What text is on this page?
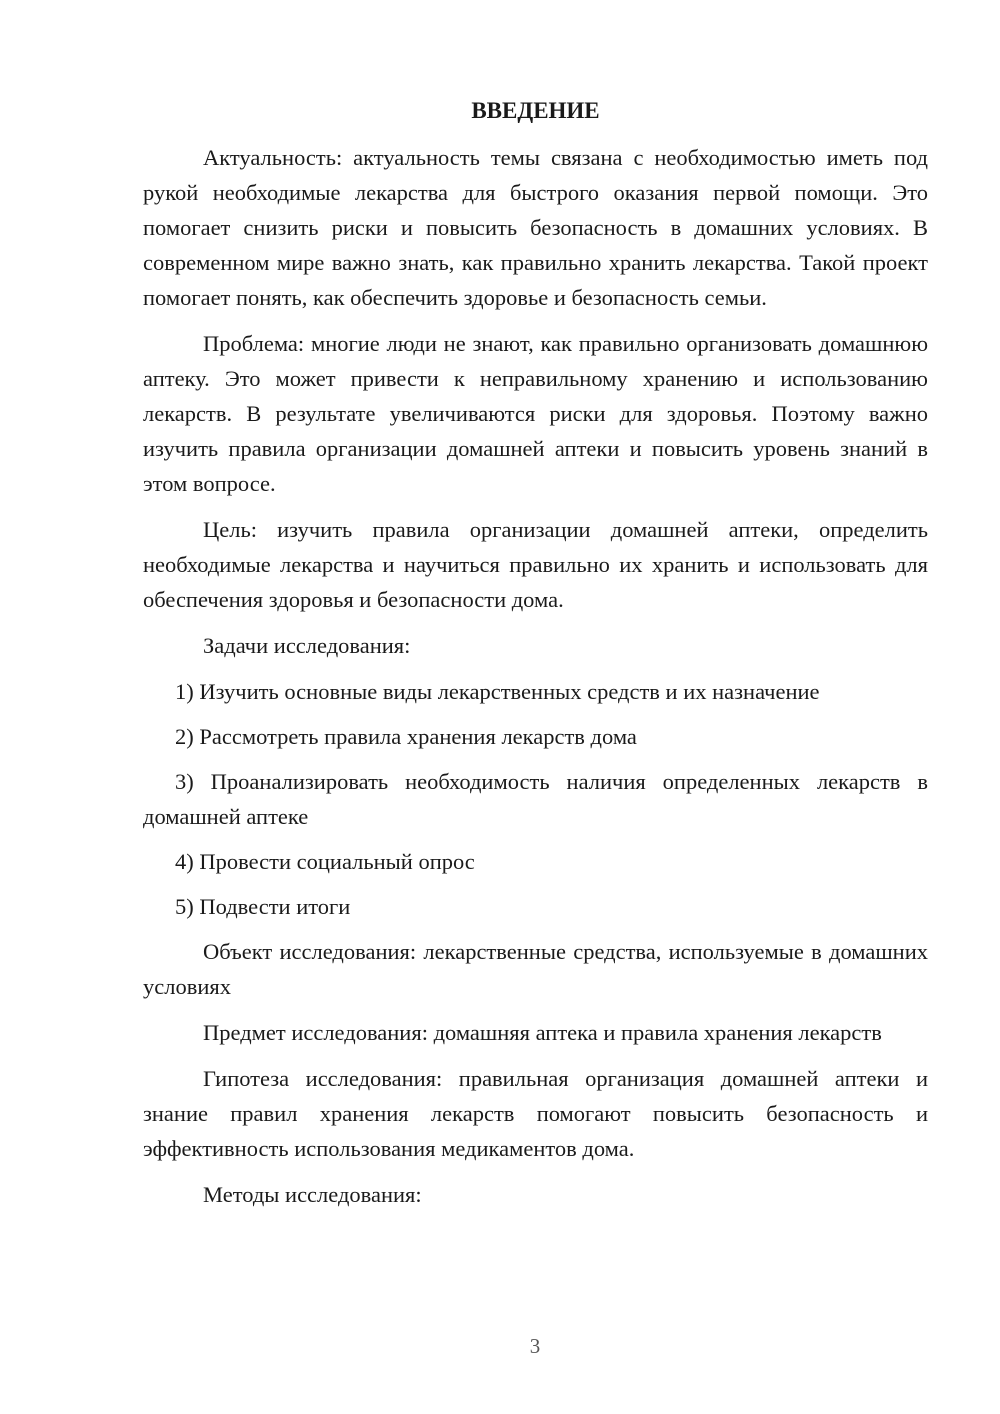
ВВЕДЕНИЕ

Актуальность: актуальность темы связана с необходимостью иметь под рукой необходимые лекарства для быстрого оказания первой помощи. Это помогает снизить риски и повысить безопасность в домашних условиях. В современном мире важно знать, как правильно хранить лекарства. Такой проект помогает понять, как обеспечить здоровье и безопасность семьи.

Проблема: многие люди не знают, как правильно организовать домашнюю аптеку. Это может привести к неправильному хранению и использованию лекарств. В результате увеличиваются риски для здоровья. Поэтому важно изучить правила организации домашней аптеки и повысить уровень знаний в этом вопросе.

Цель: изучить правила организации домашней аптеки, определить необходимые лекарства и научиться правильно их хранить и использовать для обеспечения здоровья и безопасности дома.

Задачи исследования:

1) Изучить основные виды лекарственных средств и их назначение

2) Рассмотреть правила хранения лекарств дома

3) Проанализировать необходимость наличия определенных лекарств в домашней аптеке

4) Провести социальный опрос

5) Подвести итоги

Объект исследования: лекарственные средства, используемые в домашних условиях

Предмет исследования: домашняя аптека и правила хранения лекарств

Гипотеза исследования: правильная организация домашней аптеки и знание правил хранения лекарств помогают повысить безопасность и эффективность использования медикаментов дома.

Методы исследования:

3
